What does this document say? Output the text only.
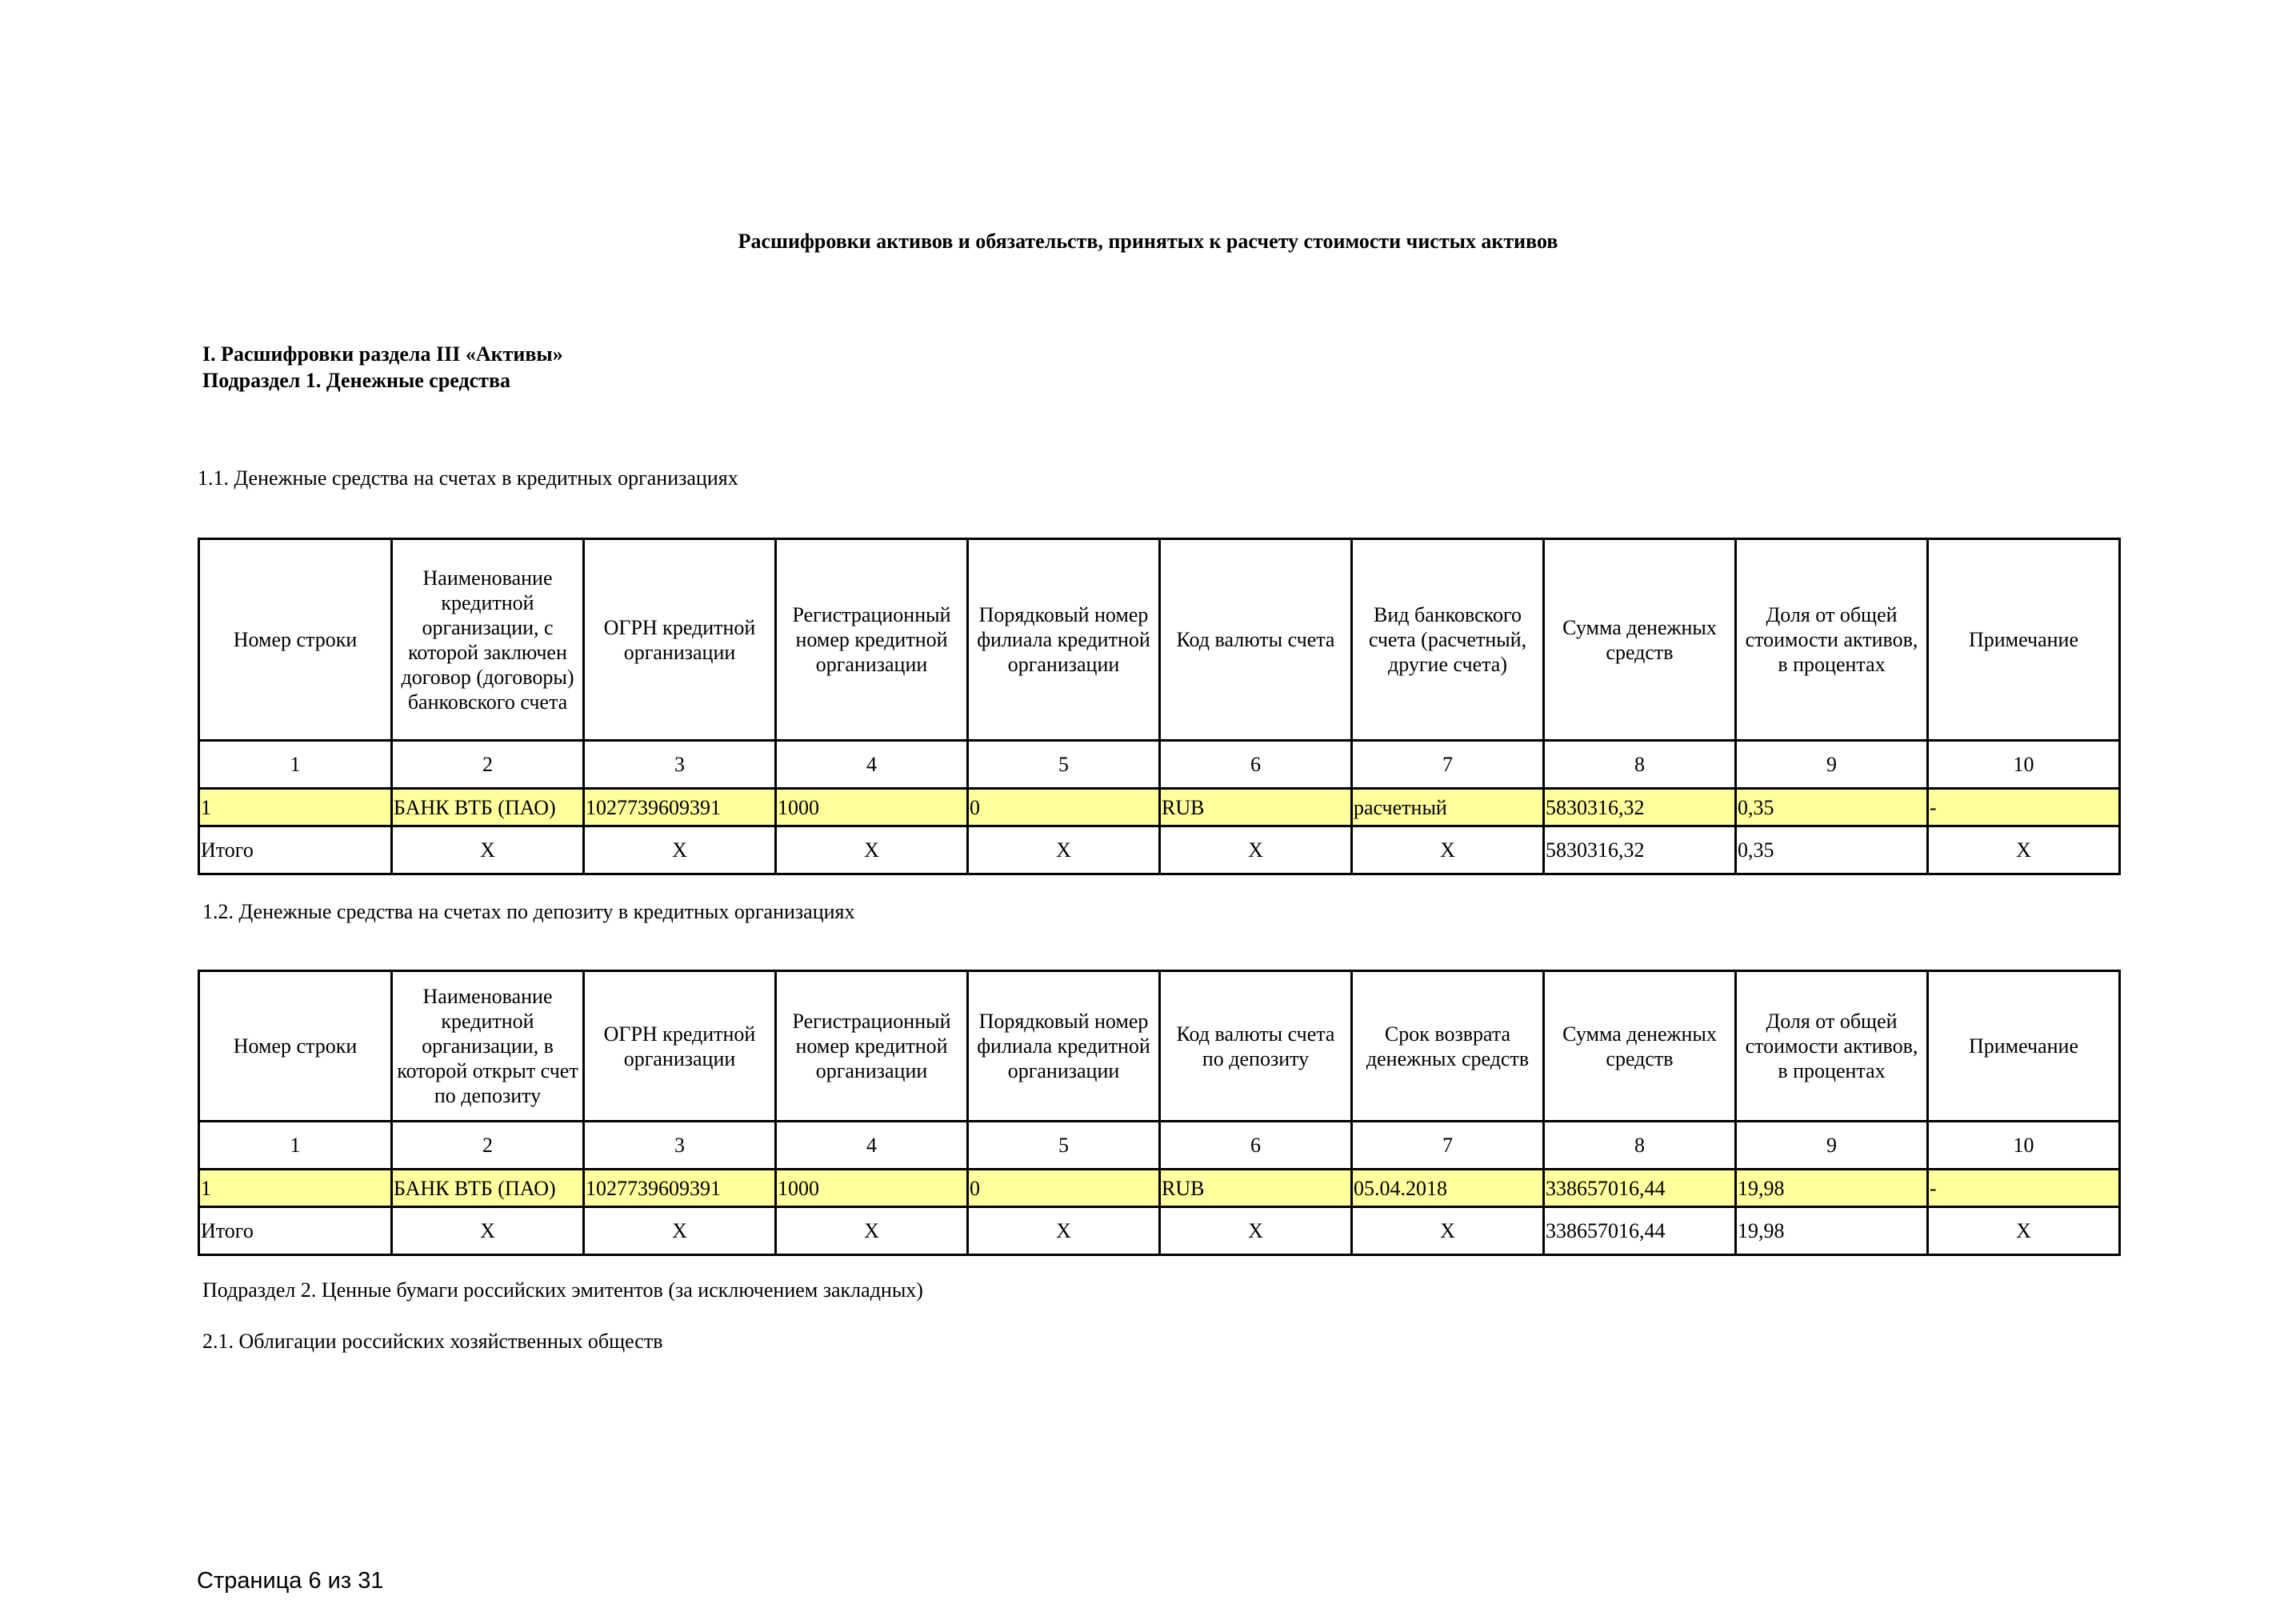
Расшифровки активов и обязательств, принятых к расчету стоимости чистых активов
I. Расшифровки раздела III «Активы»
Подраздел 1. Денежные средства
1.1. Денежные средства на счетах в кредитных организациях
Номер строки	Наименование кредитной организации, с которой заключен договор (договоры) банковского счета	ОГРН кредитной организации	Регистрационный номер кредитной организации	Порядковый номер филиала кредитной организации	Код валюты счета	Вид банковского счета (расчетный, другие счета)	Сумма денежных средств	Доля от общей стоимости активов, в процентах	Примечание
1	2	3	4	5	6	7	8	9	10
1	БАНК ВТБ (ПАО)	1027739609391	1000	0	RUB	расчетный	5830316,32	0,35	-
Итого	X	X	X	X	X	X	5830316,32	0,35	X
1.2. Денежные средства на счетах по депозиту в кредитных организациях
Номер строки	Наименование кредитной организации, в которой открыт счет по депозиту	ОГРН кредитной организации	Регистрационный номер кредитной организации	Порядковый номер филиала кредитной организации	Код валюты счета по депозиту	Срок возврата денежных средств	Сумма денежных средств	Доля от общей стоимости активов, в процентах	Примечание
1	2	3	4	5	6	7	8	9	10
1	БАНК ВТБ (ПАО)	1027739609391	1000	0	RUB	05.04.2018	338657016,44	19,98	-
Итого	X	X	X	X	X	X	338657016,44	19,98	X
Подраздел 2. Ценные бумаги российских эмитентов (за исключением закладных)
2.1. Облигации российских хозяйственных обществ
Страница 6 из 31
